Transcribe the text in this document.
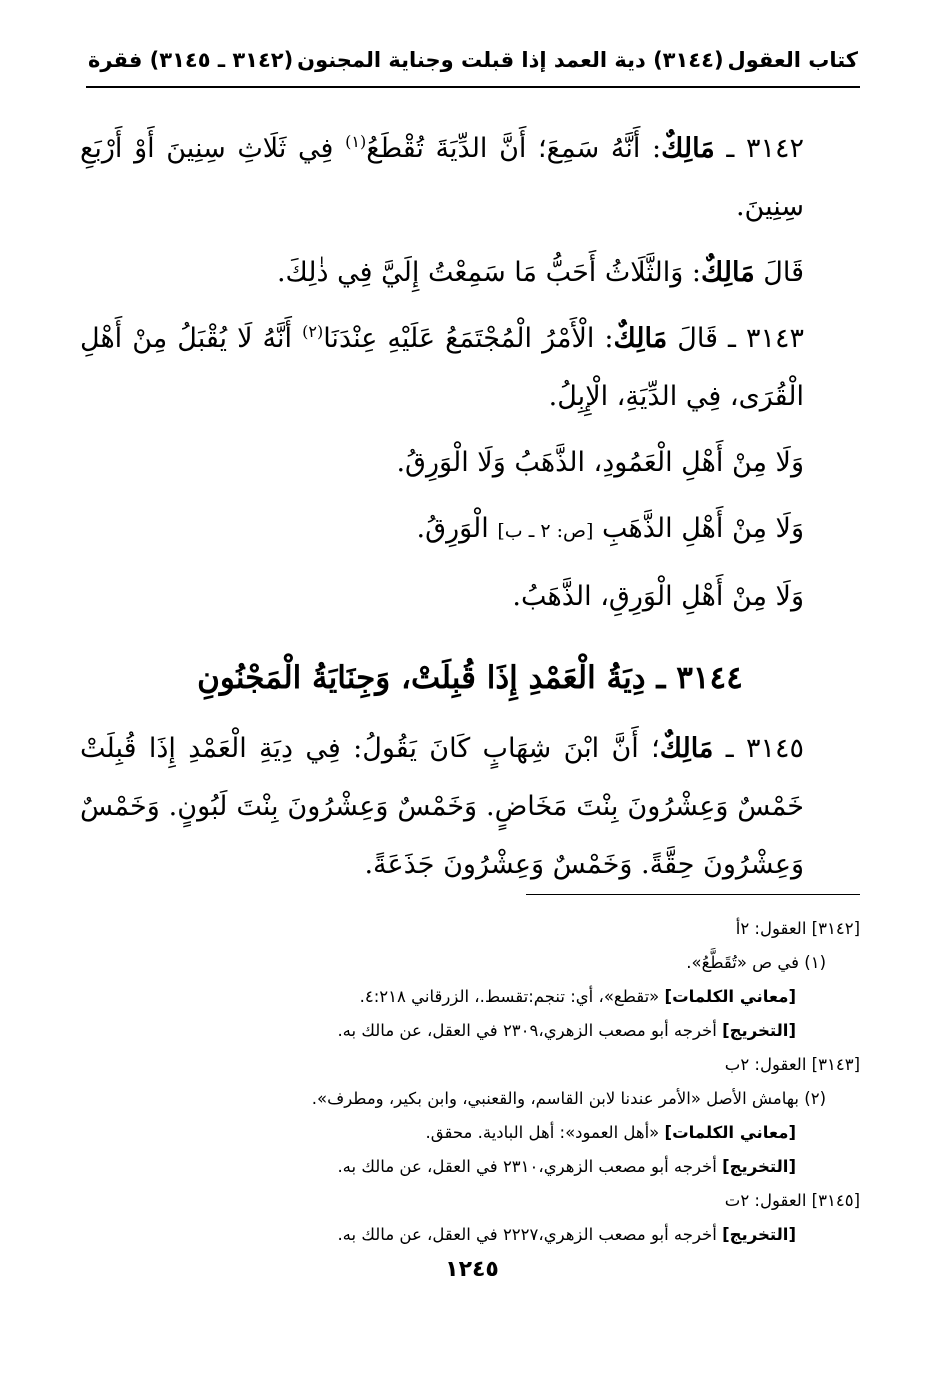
كتاب العقول
(٣١٤٤) دية العمد إذا قبلت وجناية المجنون
(٣١٤٢ ـ ٣١٤٥) فقرة

٣١٤٢ ـ مَالِكٌ: أَنَّهُ سَمِعَ؛ أَنَّ الدِّيَةَ تُقْطَعُ$^{(١)}$ فِي ثَلَاثِ سِنِينَ أَوْ أَرْبَعِ سِنِينَ.

قَالَ مَالِكٌ: وَالثَّلَاثُ أَحَبُّ مَا سَمِعْتُ إِلَيَّ فِي ذٰلِكَ.

٣١٤٣ ـ قَالَ مَالِكٌ: الْأَمْرُ الْمُجْتَمَعُ عَلَيْهِ عِنْدَنَا$^{(٢)}$ أَنَّهُ لَا يُقْبَلُ مِنْ أَهْلِ الْقُرَى، فِي الدِّيَةِ، الْإِبِلُ.

وَلَا مِنْ أَهْلِ الْعَمُودِ، الذَّهَبُ وَلَا الْوَرِقُ.

وَلَا مِنْ أَهْلِ الذَّهَبِ [ص: ٢ ـ ب] الْوَرِقُ.

وَلَا مِنْ أَهْلِ الْوَرِقِ، الذَّهَبُ.

٣١٤٤ ـ دِيَةُ الْعَمْدِ إِذَا قُبِلَتْ، وَجِنَايَةُ الْمَجْنُونِ

٣١٤٥ ـ مَالِكٌ؛ أَنَّ ابْنَ شِهَابٍ كَانَ يَقُولُ: فِي دِيَةِ الْعَمْدِ إِذَا قُبِلَتْ خَمْسٌ وَعِشْرُونَ بِنْتَ مَخَاضٍ. وَخَمْسٌ وَعِشْرُونَ بِنْتَ لَبُونٍ. وَخَمْسٌ وَعِشْرُونَ حِقَّةً. وَخَمْسٌ وَعِشْرُونَ جَذَعَةً.

[٣١٤٢] العقول: ٢أ

(١) في ص «تُقَطَّعُ».

[معاني الكلمات] «تقطع»، أي: تنجم:تقسط.، الزرقاني ٤:٢١٨.

[التخريج] أخرجه أبو مصعب الزهري،٢٣٠٩ في العقل، عن مالك به.

[٣١٤٣] العقول: ٢ب

(٢) بهامش الأصل «الأمر عندنا لابن القاسم، والقعنبي، وابن بكير، ومطرف».

[معاني الكلمات] «أهل العمود»: أهل البادية. محقق.

[التخريج] أخرجه أبو مصعب الزهري،٢٣١٠ في العقل، عن مالك به.

[٣١٤٥] العقول: ٢ت

[التخريج] أخرجه أبو مصعب الزهري،٢٢٢٧ في العقل، عن مالك به.

١٢٤٥
